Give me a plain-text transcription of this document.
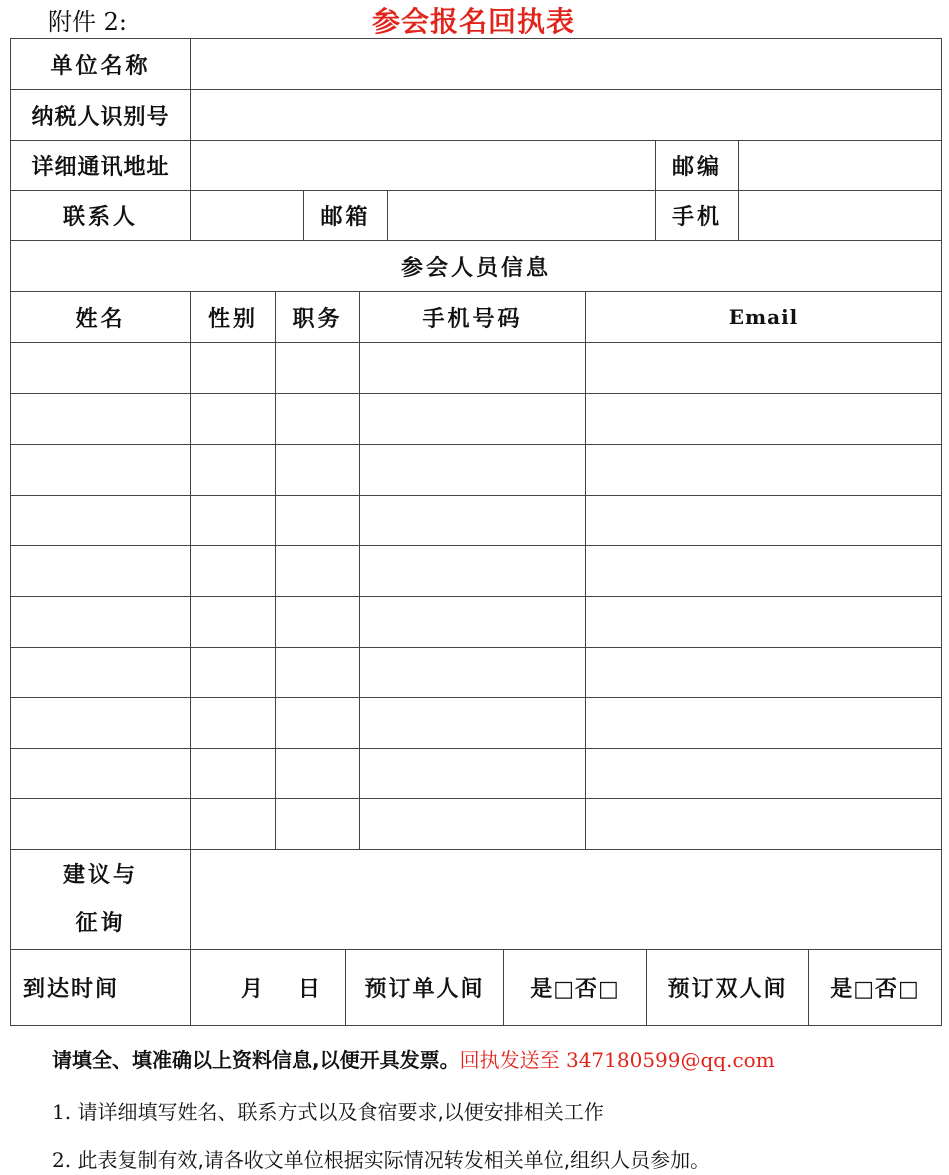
附件 2:	参会报名回执表
单位名称
纳税人识别号
详细通讯地址	邮编
联系人	邮箱	手机
参会人员信息
姓名	性别	职务	手机号码	Email
建议与
征询
到达时间	月 日	预订单人间	是□否□	预订双人间	是□否□
请填全、填准确以上资料信息,以便开具发票。回执发送至 347180599@qq.com
1. 请详细填写姓名、联系方式以及食宿要求,以便安排相关工作
2. 此表复制有效,请各收文单位根据实际情况转发相关单位,组织人员参加。
